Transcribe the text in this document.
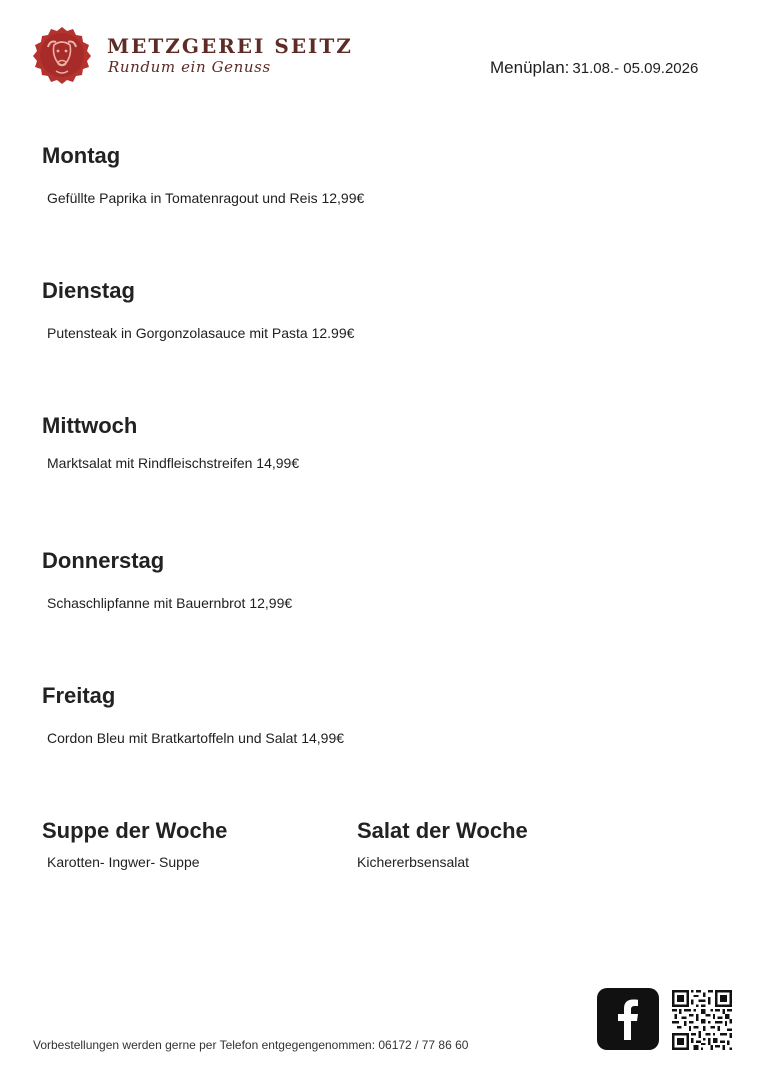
METZGEREI SEITZ
Rundum ein Genuss	Menüplan: 31.08.- 05.09.2026
Montag

Gefüllte Paprika in Tomatenragout und Reis 12,99€

Dienstag

Putensteak in Gorgonzolasauce mit Pasta 12.99€

Mittwoch

Marktsalat mit Rindfleischstreifen 14,99€

Donnerstag

Schaschlipfanne mit Bauernbrot 12,99€

Freitag

Cordon Bleu mit Bratkartoffeln und Salat 14,99€

Suppe der Woche

Karotten- Ingwer- Suppe

Salat der Woche

Kichererbsensalat

Vorbestellungen werden gerne per Telefon entgegengenommen: 06172 / 77 86 60
